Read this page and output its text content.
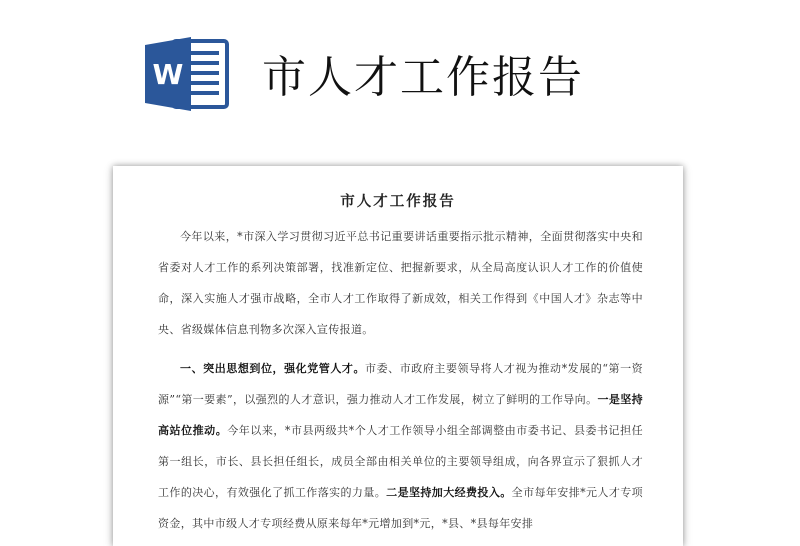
W 市人才工作报告
市人才工作报告
今年以来，*市深入学习贯彻习近平总书记重要讲话重要指示批示精神，全面贯彻落实中央和省委对人才工作的系列决策部署，找准新定位、把握新要求，从全局高度认识人才工作的价值使命，深入实施人才强市战略，全市人才工作取得了新成效，相关工作得到《中国人才》杂志等中央、省级媒体信息刊物多次深入宣传报道。
一、突出思想到位，强化党管人才。市委、市政府主要领导将人才视为推动*发展的“第一资源”“第一要素”，以强烈的人才意识，强力推动人才工作发展，树立了鲜明的工作导向。一是坚持高站位推动。今年以来，*市县两级共*个人才工作领导小组全部调整由市委书记、县委书记担任第一组长，市长、县长担任组长，成员全部由相关单位的主要领导组成，向各界宣示了狠抓人才工作的决心，有效强化了抓工作落实的力量。二是坚持加大经费投入。全市每年安排*元人才专项资金，其中市级人才专项经费从原来每年*元增加到*元，*县、*县每年安排
